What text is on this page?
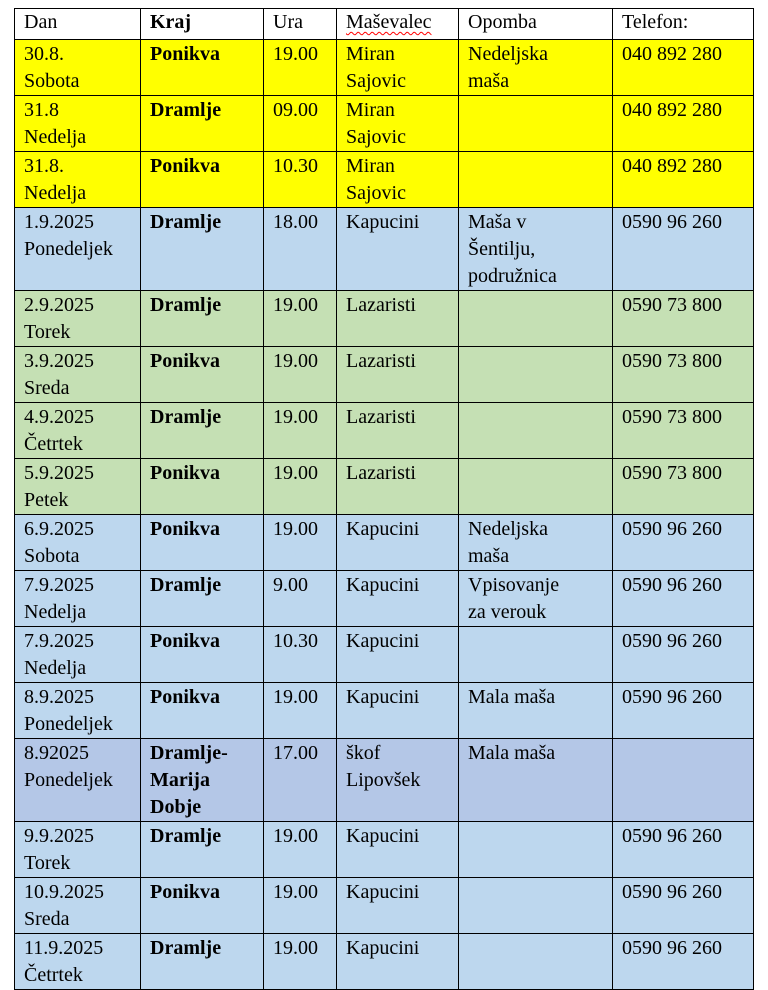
Dan	Kraj	Ura	Maševalec	Opomba	Telefon:

30.8.
Sobota	Ponikva	19.00	Miran
Sajovic	Nedeljska
maša	040 892 280

31.8
Nedelja	Dramlje	09.00	Miran
Sajovic		040 892 280

31.8.
Nedelja	Ponikva	10.30	Miran
Sajovic		040 892 280

1.9.2025
Ponedeljek	Dramlje	18.00	Kapucini	Maša v
Šentilju,
podružnica	0590 96 260

2.9.2025
Torek	Dramlje	19.00	Lazaristi		0590 73 800

3.9.2025
Sreda	Ponikva	19.00	Lazaristi		0590 73 800

4.9.2025
Četrtek	Dramlje	19.00	Lazaristi		0590 73 800

5.9.2025
Petek	Ponikva	19.00	Lazaristi		0590 73 800

6.9.2025
Sobota	Ponikva	19.00	Kapucini	Nedeljska
maša	0590 96 260

7.9.2025
Nedelja	Dramlje	9.00	Kapucini	Vpisovanje
za verouk	0590 96 260

7.9.2025
Nedelja	Ponikva	10.30	Kapucini		0590 96 260

8.9.2025
Ponedeljek	Ponikva	19.00	Kapucini	Mala maša	0590 96 260

8.92025
Ponedeljek	Dramlje-
Marija
Dobje	17.00	škof
Lipovšek	Mala maša	

9.9.2025
Torek	Dramlje	19.00	Kapucini		0590 96 260

10.9.2025
Sreda	Ponikva	19.00	Kapucini		0590 96 260

11.9.2025
Četrtek	Dramlje	19.00	Kapucini		0590 96 260
